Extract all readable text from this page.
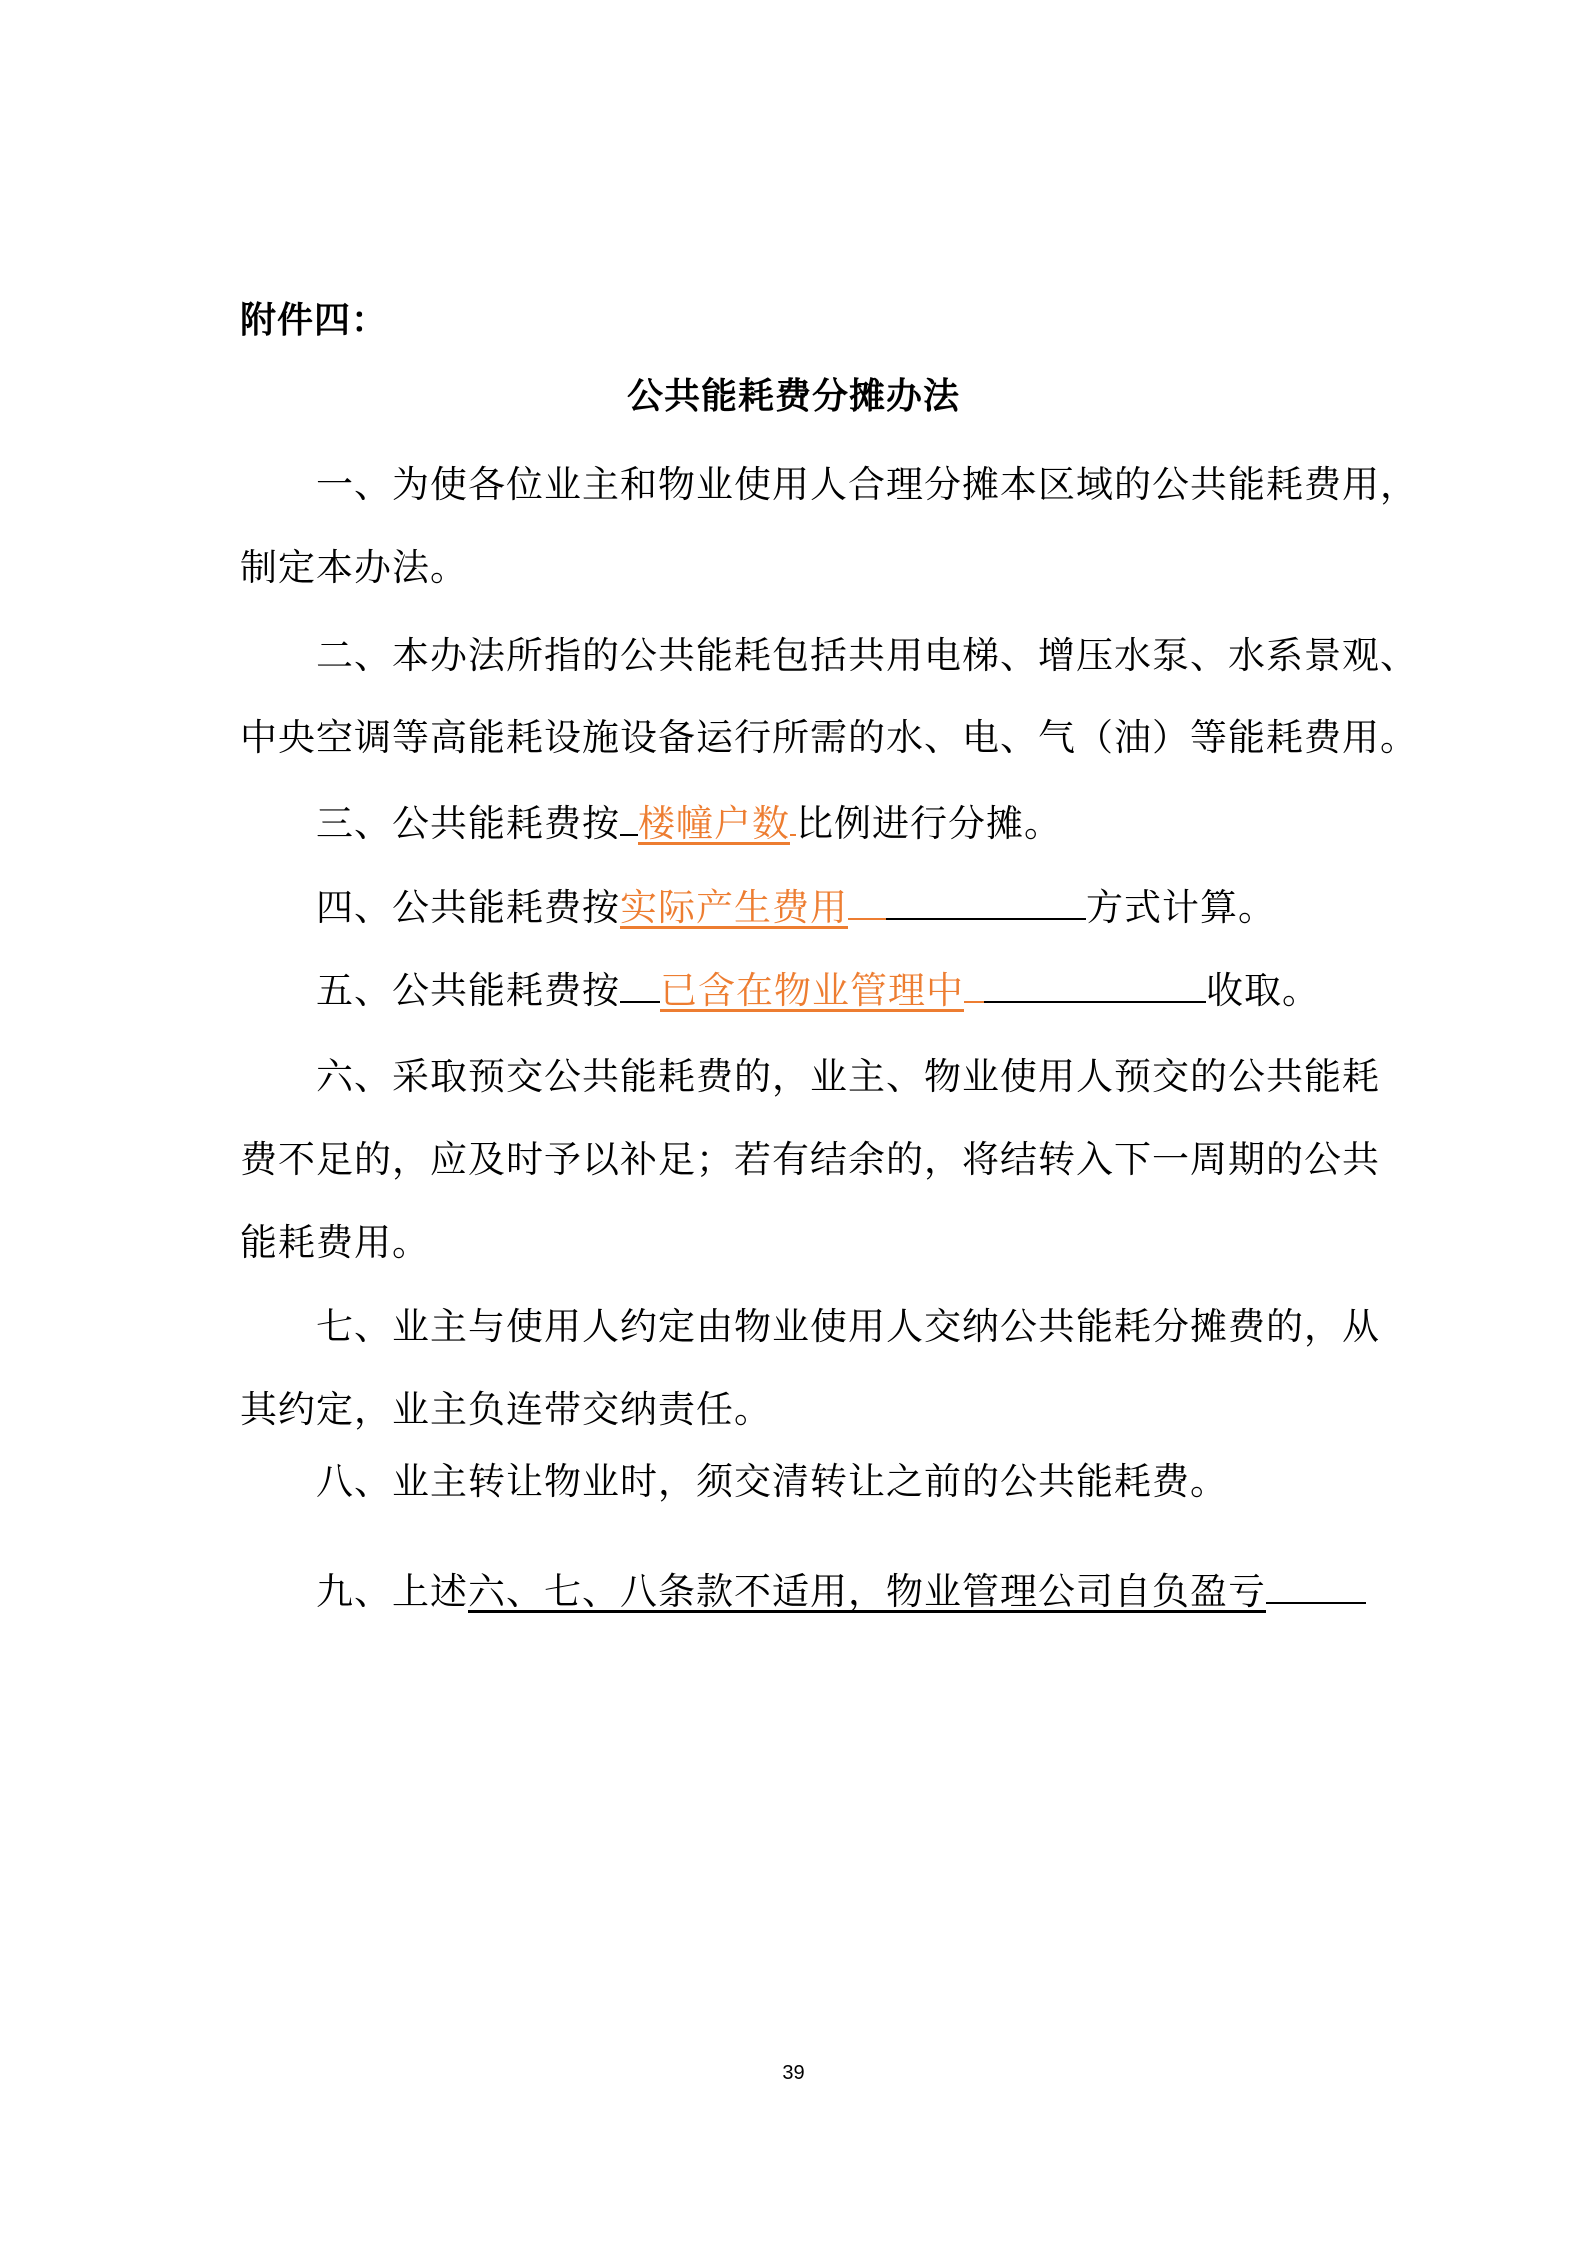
附件四：
公共能耗费分摊办法
一、为使各位业主和物业使用人合理分摊本区域的公共能耗费用，
制定本办法。
二、本办法所指的公共能耗包括共用电梯、增压水泵、水系景观、
中央空调等高能耗设施设备运行所需的水、电、气（油）等能耗费用。
三、公共能耗费按 楼幢户数 比例进行分摊。
四、公共能耗费按实际产生费用	方式计算。
五、公共能耗费按 已含在物业管理中	收取。
六、采取预交公共能耗费的，业主、物业使用人预交的公共能耗
费不足的，应及时予以补足；若有结余的，将结转入下一周期的公共
能耗费用。
七、业主与使用人约定由物业使用人交纳公共能耗分摊费的，从
其约定，业主负连带交纳责任。
八、业主转让物业时，须交清转让之前的公共能耗费。
九、上述六、七、八条款不适用，物业管理公司自负盈亏
39
